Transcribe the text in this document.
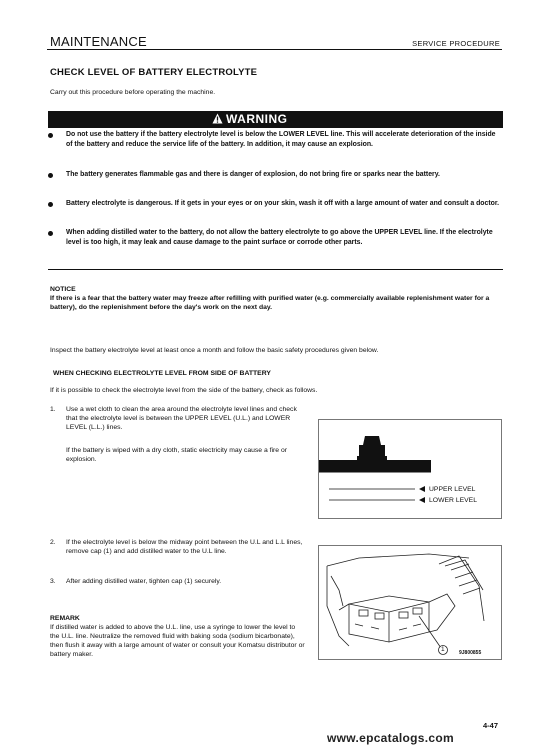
MAINTENANCE	SERVICE PROCEDURE
CHECK LEVEL OF BATTERY ELECTROLYTE
Carry out this procedure before operating the machine.
WARNING
Do not use the battery if the battery electrolyte level is below the LOWER LEVEL line. This will accelerate deterioration of the inside of the battery and reduce the service life of the battery. In addition, it may cause an explosion.
The battery generates flammable gas and there is danger of explosion, do not bring fire or sparks near the battery.
Battery electrolyte is dangerous. If it gets in your eyes or on your skin, wash it off with a large amount of water and consult a doctor.
When adding distilled water to the battery, do not allow the battery electrolyte to go above the UPPER LEVEL line. If the electrolyte level is too high, it may leak and cause damage to the paint surface or corrode other parts.
NOTICE
If there is a fear that the battery water may freeze after refilling with purified water (e.g. commercially available replenishment water for a battery), do the replenishment before the day's work on the next day.
Inspect the battery electrolyte level at least once a month and follow the basic safety procedures given below.
WHEN CHECKING ELECTROLYTE LEVEL FROM SIDE OF BATTERY
If it is possible to check the electrolyte level from the side of the battery, check as follows.
1. Use a wet cloth to clean the area around the electrolyte level lines and check that the electrolyte level is between the UPPER LEVEL (U.L.) and LOWER LEVEL (L.L.) lines.
If the battery is wiped with a dry cloth, static electricity may cause a fire or explosion.
UPPER LEVEL
LOWER LEVEL
2. If the electrolyte level is below the midway point between the U.L and L.L lines, remove cap (1) and add distilled water to the U.L line.
3. After adding distilled water, tighten cap (1) securely.
1	9J800855
REMARK
If distilled water is added to above the U.L. line, use a syringe to lower the level to the U.L. line. Neutralize the removed fluid with baking soda (sodium bicarbonate), then flush it away with a large amount of water or consult your Komatsu distributor or battery maker.
4-47
www.epcatalogs.com
